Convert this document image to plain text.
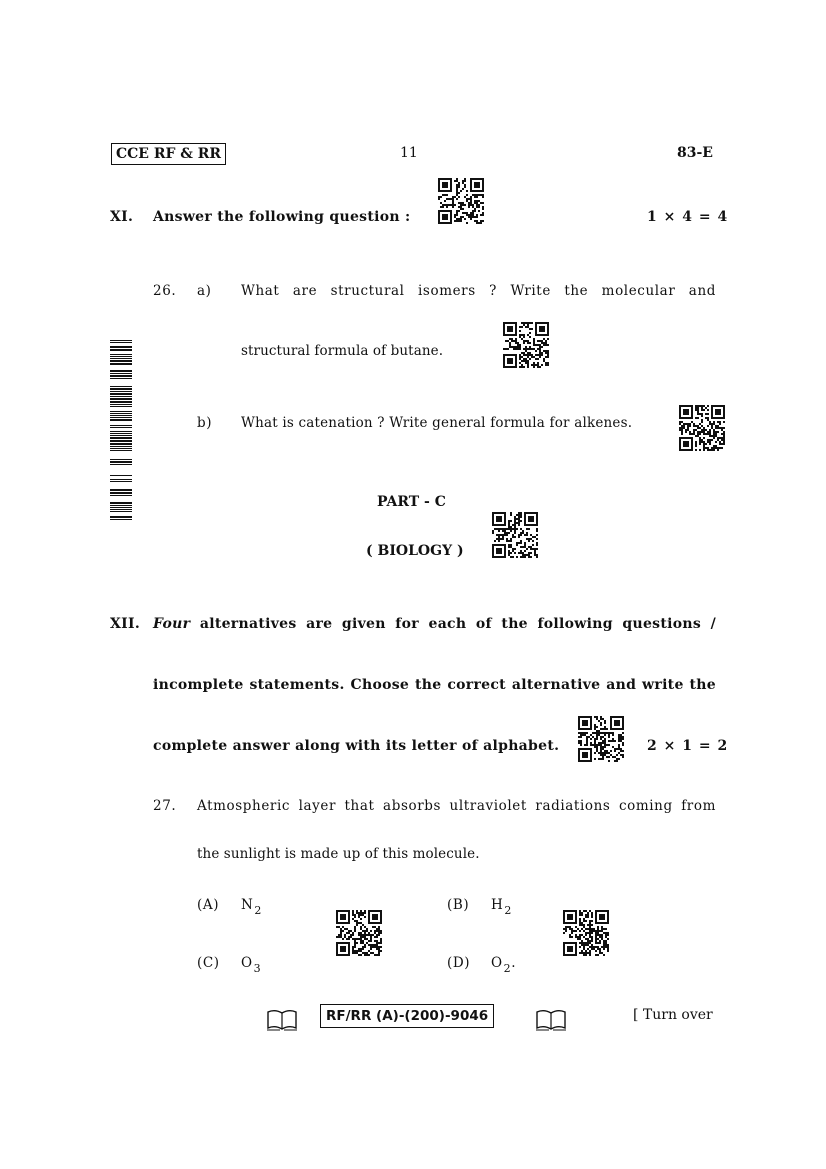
CCE RF & RR	11	83-E
XI. Answer the following question :	1 × 4 = 4
26. a) What are structural isomers ? Write the molecular and
structural formula of butane.
b) What is catenation ? Write general formula for alkenes.
PART - C
( BIOLOGY )
XII. Four alternatives are given for each of the following questions /
incomplete statements. Choose the correct alternative and write the
complete answer along with its letter of alphabet.	2 × 1 = 2
27. Atmospheric layer that absorbs ultraviolet radiations coming from
the sunlight is made up of this molecule.
(A) $N_2$	(B) $H_2$
(C) $O_3$	(D) $O_2$.
RF/RR (A)-(200)-9046	[ Turn over
